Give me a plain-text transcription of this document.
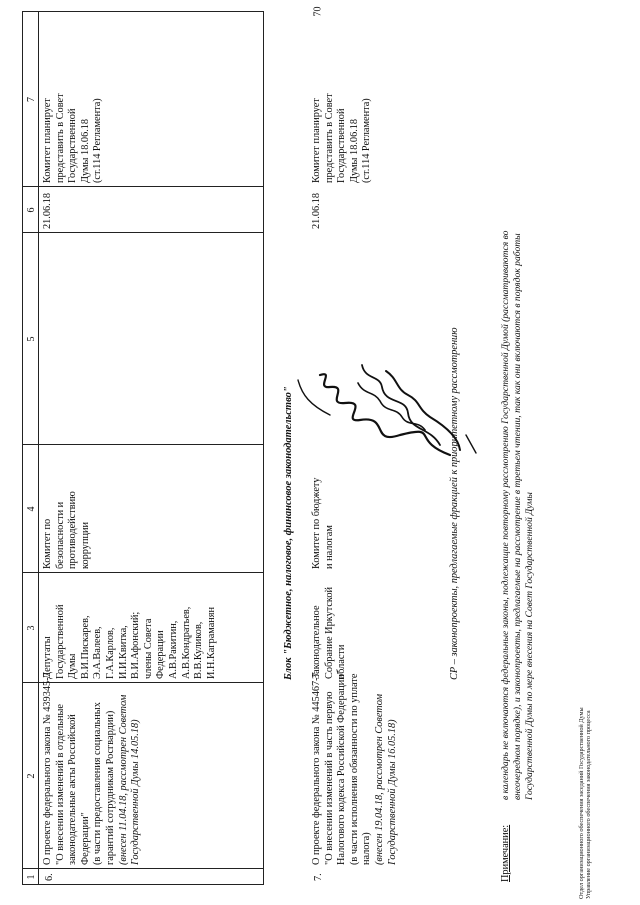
70
1
2
3
4
5
6
7
6.
О проекте федерального закона № 439345-7 "О внесении изменений в отдельные законодательные акты Российской Федерации" (в части предоставления социальных гарантий сотрудникам Росгвардии) (внесен 11.04.18, рассмотрен Советом Государственной Думы 14.05.18)
Депутаты Государственной Думы В.И.Пискарев, Э.А.Валеев, Г.А.Карлов, И.И.Квитка, В.И.Афонский; члены Совета Федерации А.В.Ракитин, А.В.Кондратьев, В.В.Куликов, И.Н.Каграманян
Комитет по безопасности и противодействию коррупции
21.06.18
Комитет планирует представить в Совет Государственной Думы 18.06.18 (ст.114 Регламента)
Блок "Бюджетное, налоговое, финансовое законодательство"
7.
О проекте федерального закона № 445467-7 "О внесении изменений в часть первую Налогового кодекса Российской Федерации" (в части исполнения обязанности по уплате налога) (внесен 19.04.18, рассмотрен Советом Государственной Думы 16.05.18)
Законодательное Собрание Иркутской области
Комитет по бюджету и налогам
21.06.18
Комитет планирует представить в Совет Государственной Думы 18.06.18 (ст.114 Регламента)
СР – законопроекты, предлагаемые фракцией к приоритетному рассмотрению
Примечание:
в календарь не включаются федеральные законы, подлежащие повторному рассмотрению Государственной Думой (рассматриваются во внеочередном порядке), и законопроекты, предлагаемые на рассмотрение в третьем чтении, так как они включаются в порядок работы Государственной Думы по мере внесения на Совет Государственной Думы
Отдел организационного обеспечения заседаний Государственной Думы Управление организационного обеспечения законодательного процесса
